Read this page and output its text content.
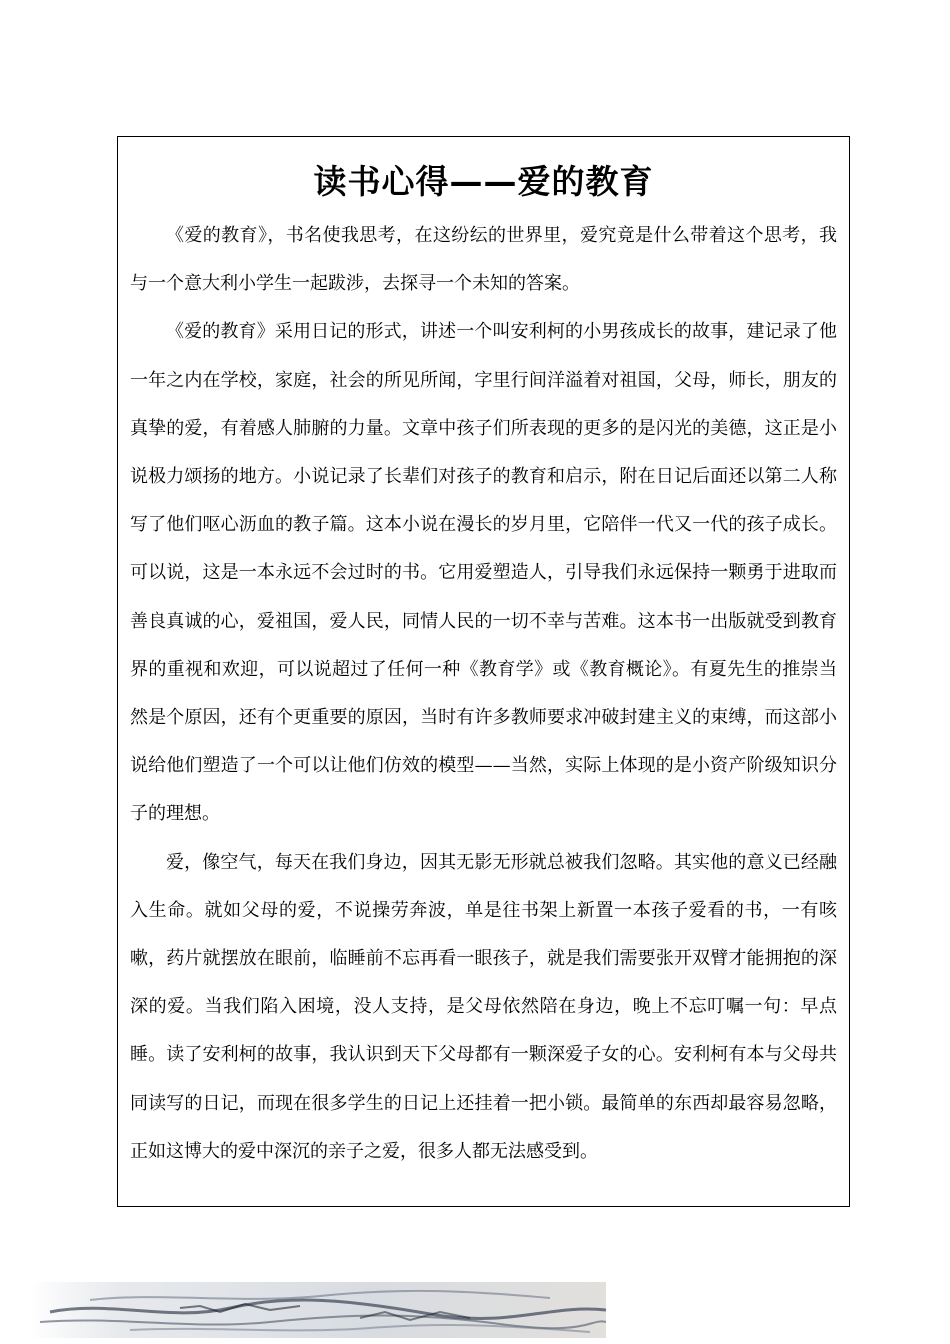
读书心得——爱的教育

《爱的教育》，书名使我思考，在这纷纭的世界里，爱究竟是什么带着这个思考，我与一个意大利小学生一起跋涉，去探寻一个未知的答案。

《爱的教育》采用日记的形式，讲述一个叫安利柯的小男孩成长的故事，建记录了他一年之内在学校，家庭，社会的所见所闻，字里行间洋溢着对祖国，父母，师长，朋友的真挚的爱，有着感人肺腑的力量。文章中孩子们所表现的更多的是闪光的美德，这正是小说极力颂扬的地方。小说记录了长辈们对孩子的教育和启示，附在日记后面还以第二人称写了他们呕心沥血的教子篇。这本小说在漫长的岁月里，它陪伴一代又一代的孩子成长。可以说，这是一本永远不会过时的书。它用爱塑造人，引导我们永远保持一颗勇于进取而善良真诚的心，爱祖国，爱人民，同情人民的一切不幸与苦难。这本书一出版就受到教育界的重视和欢迎，可以说超过了任何一种《教育学》或《教育概论》。有夏先生的推崇当然是个原因，还有个更重要的原因，当时有许多教师要求冲破封建主义的束缚，而这部小说给他们塑造了一个可以让他们仿效的模型——当然，实际上体现的是小资产阶级知识分子的理想。

爱，像空气，每天在我们身边，因其无影无形就总被我们忽略。其实他的意义已经融入生命。就如父母的爱，不说操劳奔波，单是往书架上新置一本孩子爱看的书，一有咳嗽，药片就摆放在眼前，临睡前不忘再看一眼孩子，就是我们需要张开双臂才能拥抱的深深的爱。当我们陷入困境，没人支持，是父母依然陪在身边，晚上不忘叮嘱一句：早点睡。读了安利柯的故事，我认识到天下父母都有一颗深爱子女的心。安利柯有本与父母共同读写的日记，而现在很多学生的日记上还挂着一把小锁。最简单的东西却最容易忽略，正如这博大的爱中深沉的亲子之爱，很多人都无法感受到。
